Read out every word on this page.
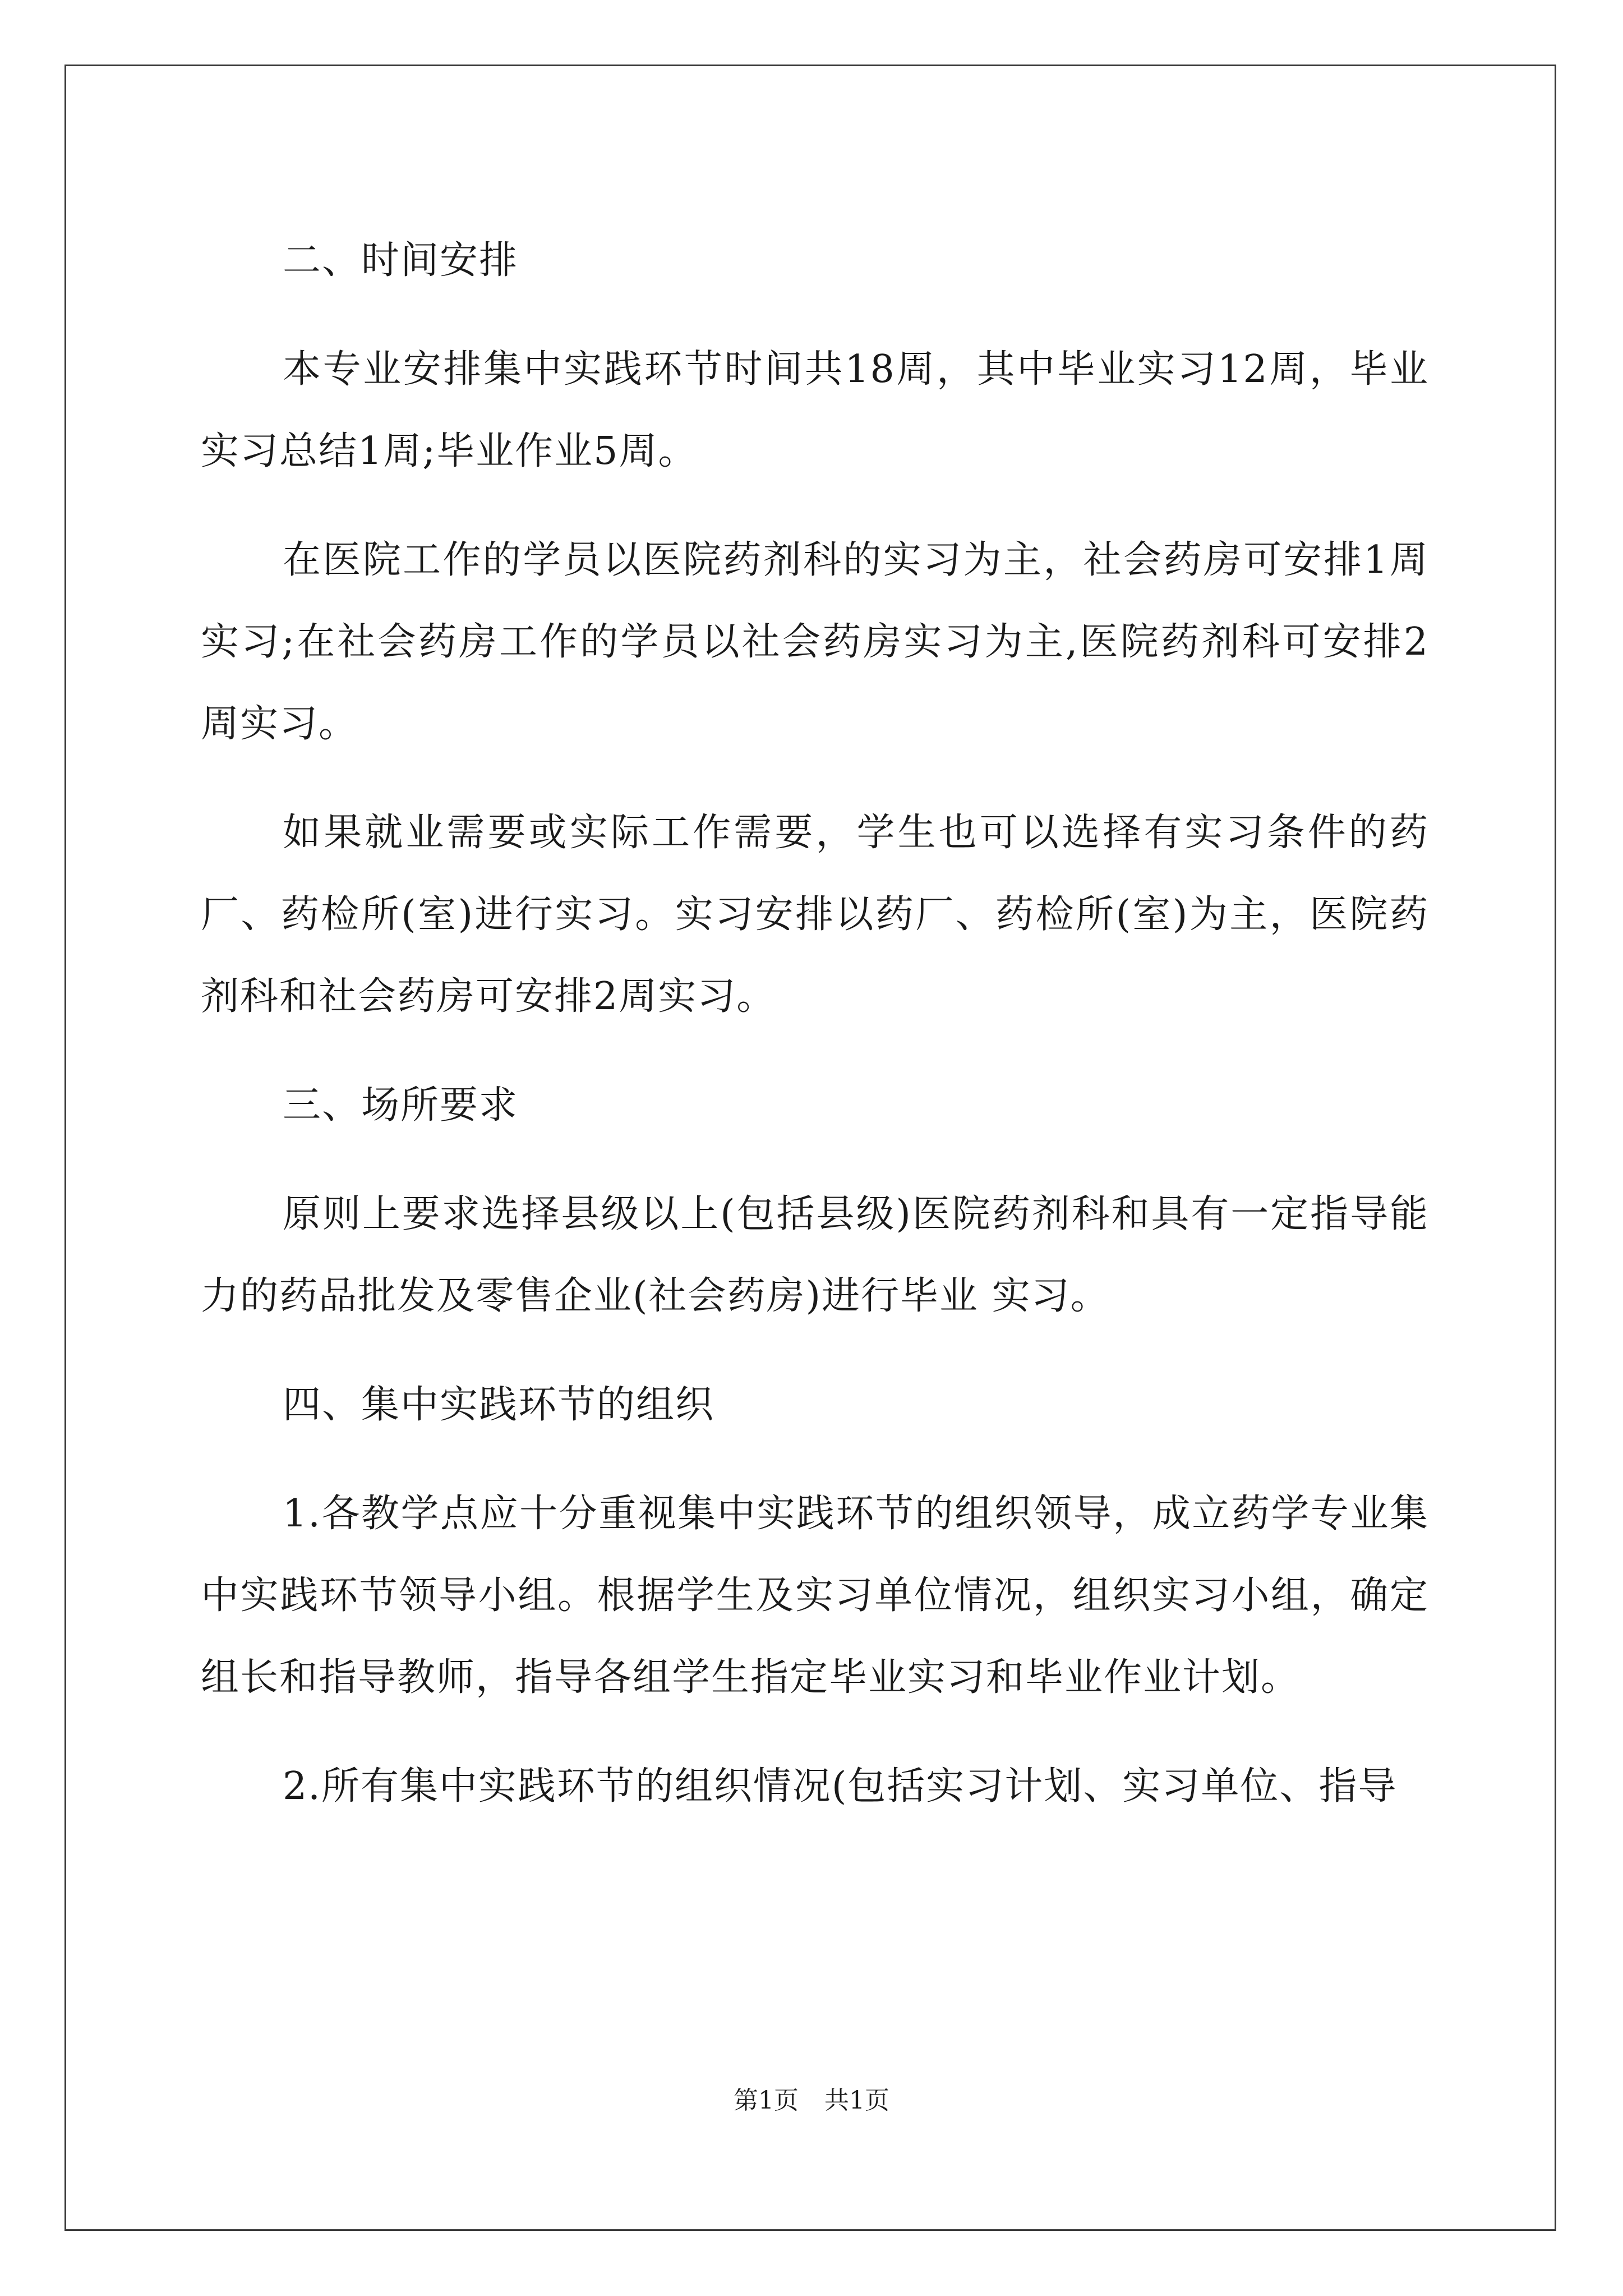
二、时间安排

本专业安排集中实践环节时间共18周，其中毕业实习12周，毕业实习总结1周;毕业作业5周。

在医院工作的学员以医院药剂科的实习为主，社会药房可安排1周实习;在社会药房工作的学员以社会药房实习为主,医院药剂科可安排2周实习。

如果就业需要或实际工作需要，学生也可以选择有实习条件的药厂、药检所(室)进行实习。实习安排以药厂、药检所(室)为主，医院药剂科和社会药房可安排2周实习。

三、场所要求

原则上要求选择县级以上(包括县级)医院药剂科和具有一定指导能力的药品批发及零售企业(社会药房)进行毕业 实习。

四、集中实践环节的组织

1.各教学点应十分重视集中实践环节的组织领导，成立药学专业集中实践环节领导小组。根据学生及实习单位情况，组织实习小组，确定组长和指导教师，指导各组学生指定毕业实习和毕业作业计划。

2.所有集中实践环节的组织情况(包括实习计划、实习单位、指导

第1页 共1页
